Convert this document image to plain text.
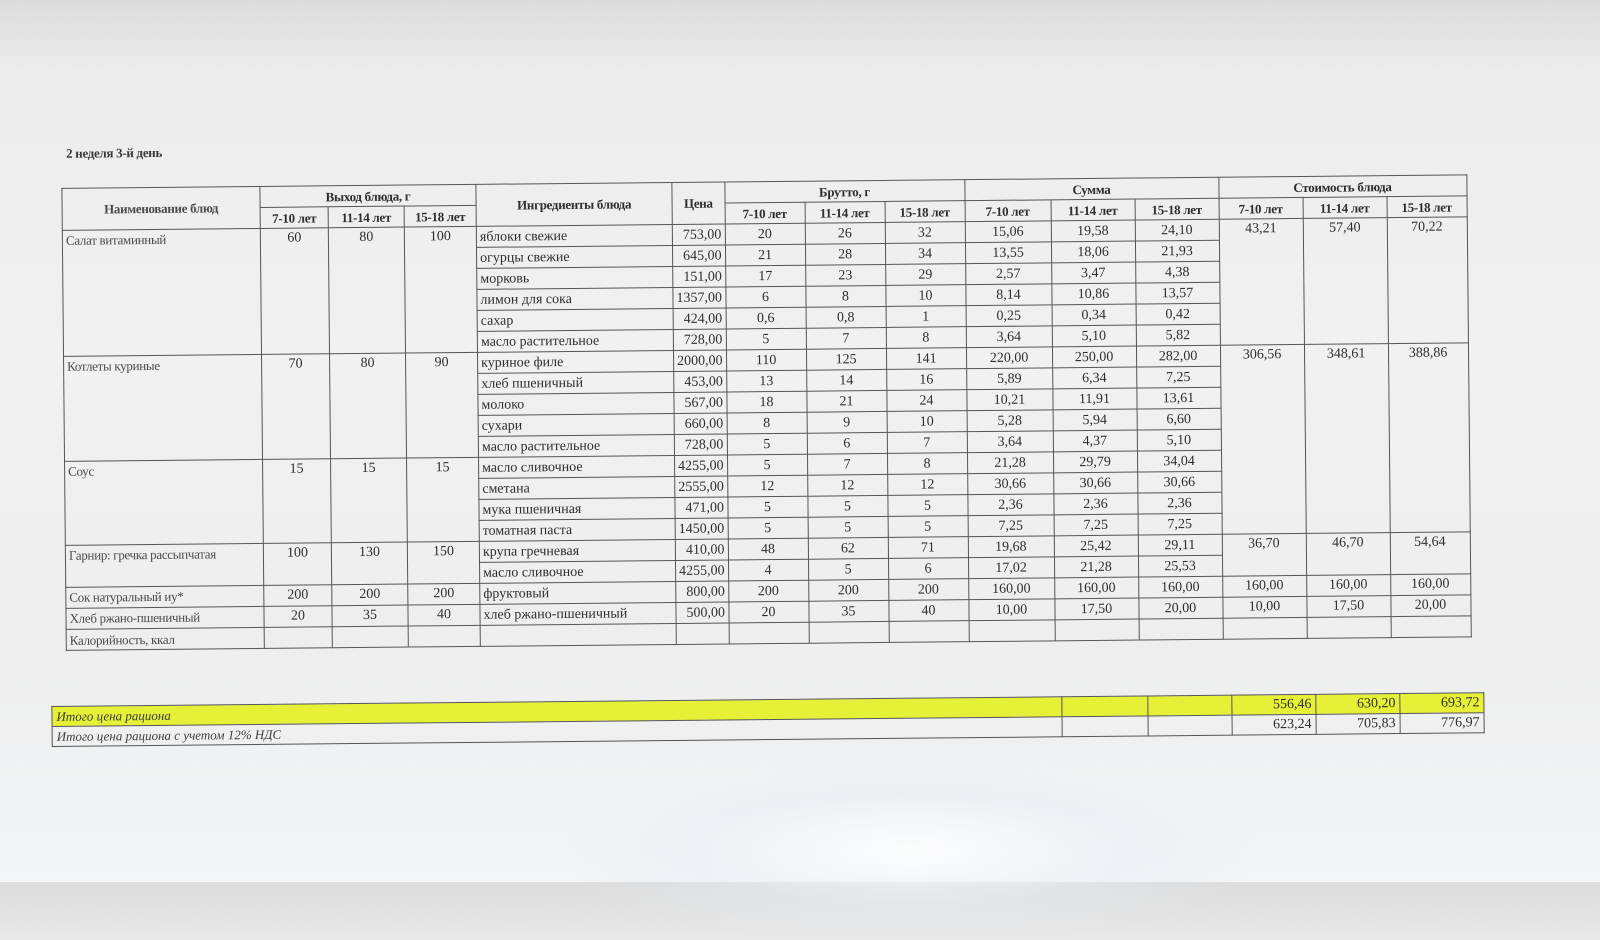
2 неделя 3-й день
Наименование блюд	Выход блюда, г			Ингредиенты блюда	Цена	Брутто, г			Сумма			Стоимость блюда		
	7-10 лет	11-14 лет	15-18 лет			7-10 лет	11-14 лет	15-18 лет	7-10 лет	11-14 лет	15-18 лет	7-10 лет	11-14 лет	15-18 лет
Салат витаминный	60	80	100	яблоки свежие	753,00	20	26	32	15,06	19,58	24,10	43,21	57,40	70,22
				огурцы свежие	645,00	21	28	34	13,55	18,06	21,93			
				морковь	151,00	17	23	29	2,57	3,47	4,38			
				лимон для сока	1357,00	6	8	10	8,14	10,86	13,57			
				сахар	424,00	0,6	0,8	1	0,25	0,34	0,42			
				масло растительное	728,00	5	7	8	3,64	5,10	5,82			
Котлеты куриные	70	80	90	куриное филе	2000,00	110	125	141	220,00	250,00	282,00	306,56	348,61	388,86
				хлеб пшеничный	453,00	13	14	16	5,89	6,34	7,25			
				молоко	567,00	18	21	24	10,21	11,91	13,61			
				сухари	660,00	8	9	10	5,28	5,94	6,60			
				масло растительное	728,00	5	6	7	3,64	4,37	5,10			
Соус	15	15	15	масло сливочное	4255,00	5	7	8	21,28	29,79	34,04			
				сметана	2555,00	12	12	12	30,66	30,66	30,66			
				мука пшеничная	471,00	5	5	5	2,36	2,36	2,36			
				томатная паста	1450,00	5	5	5	7,25	7,25	7,25			
Гарнир: гречка рассыпчатая	100	130	150	крупа гречневая	410,00	48	62	71	19,68	25,42	29,11	36,70	46,70	54,64
				масло сливочное	4255,00	4	5	6	17,02	21,28	25,53			
Сок натуральный иу*	200	200	200	фруктовый	800,00	200	200	200	160,00	160,00	160,00	160,00	160,00	160,00
Хлеб ржано-пшеничный	20	35	40	хлеб ржано-пшеничный	500,00	20	35	40	10,00	17,50	20,00	10,00	17,50	20,00
Калорийность, ккал														
Итого цена рациона			556,46	630,20	693,72
Итого цена рациона с учетом 12% НДС			623,24	705,83	776,97
